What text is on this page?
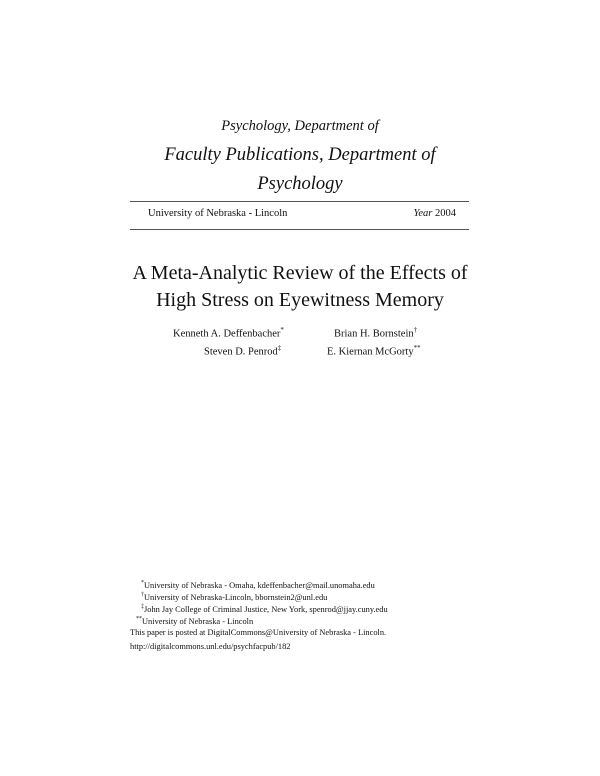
Psychology, Department of
Faculty Publications, Department of
Psychology
University of Nebraska - Lincoln	Year 2004
A Meta-Analytic Review of the Effects of
High Stress on Eyewitness Memory
Kenneth A. Deffenbacher*	Brian H. Bornstein†
Steven D. Penrod‡	E. Kiernan McGorty**
*University of Nebraska - Omaha, kdeffenbacher@mail.unomaha.edu
†University of Nebraska-Lincoln, bbornstein2@unl.edu
‡John Jay College of Criminal Justice, New York, spenrod@jjay.cuny.edu
**University of Nebraska - Lincoln
This paper is posted at DigitalCommons@University of Nebraska - Lincoln.
http://digitalcommons.unl.edu/psychfacpub/182
